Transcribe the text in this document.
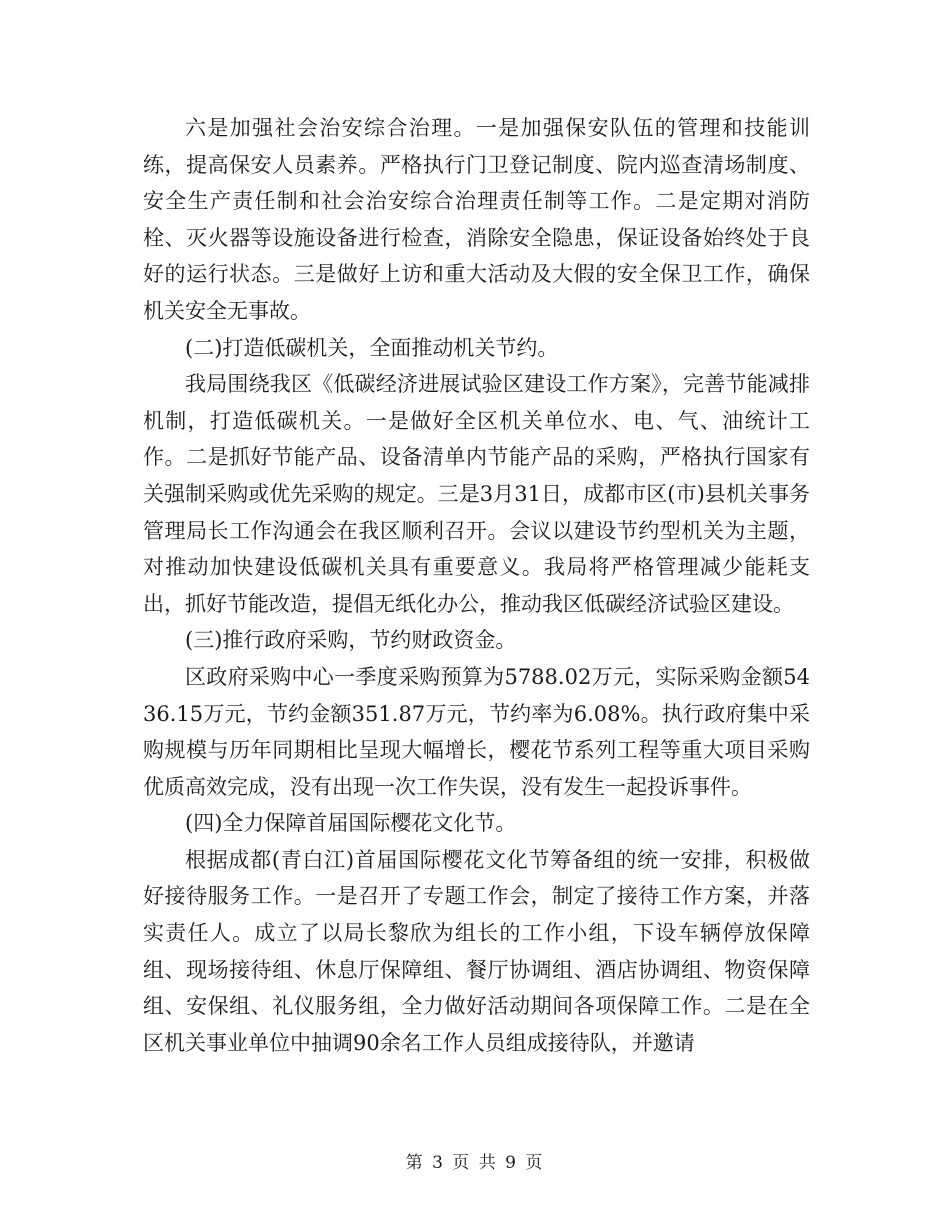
六是加强社会治安综合治理。一是加强保安队伍的管理和技能训练，提高保安人员素养。严格执行门卫登记制度、院内巡查清场制度、安全生产责任制和社会治安综合治理责任制等工作。二是定期对消防栓、灭火器等设施设备进行检查，消除安全隐患，保证设备始终处于良好的运行状态。三是做好上访和重大活动及大假的安全保卫工作，确保机关安全无事故。

(二)打造低碳机关，全面推动机关节约。

我局围绕我区《低碳经济进展试验区建设工作方案》，完善节能减排机制，打造低碳机关。一是做好全区机关单位水、电、气、油统计工作。二是抓好节能产品、设备清单内节能产品的采购，严格执行国家有关强制采购或优先采购的规定。三是3月31日，成都市区(市)县机关事务管理局长工作沟通会在我区顺利召开。会议以建设节约型机关为主题，对推动加快建设低碳机关具有重要意义。我局将严格管理减少能耗支出，抓好节能改造，提倡无纸化办公，推动我区低碳经济试验区建设。

(三)推行政府采购，节约财政资金。

区政府采购中心一季度采购预算为5788.02万元，实际采购金额5436.15万元，节约金额351.87万元，节约率为6.08%。执行政府集中采购规模与历年同期相比呈现大幅增长，樱花节系列工程等重大项目采购优质高效完成，没有出现一次工作失误，没有发生一起投诉事件。

(四)全力保障首届国际樱花文化节。

根据成都(青白江)首届国际樱花文化节筹备组的统一安排，积极做好接待服务工作。一是召开了专题工作会，制定了接待工作方案，并落实责任人。成立了以局长黎欣为组长的工作小组，下设车辆停放保障组、现场接待组、休息厅保障组、餐厅协调组、酒店协调组、物资保障组、安保组、礼仪服务组，全力做好活动期间各项保障工作。二是在全区机关事业单位中抽调90余名工作人员组成接待队，并邀请

第 3 页 共 9 页
